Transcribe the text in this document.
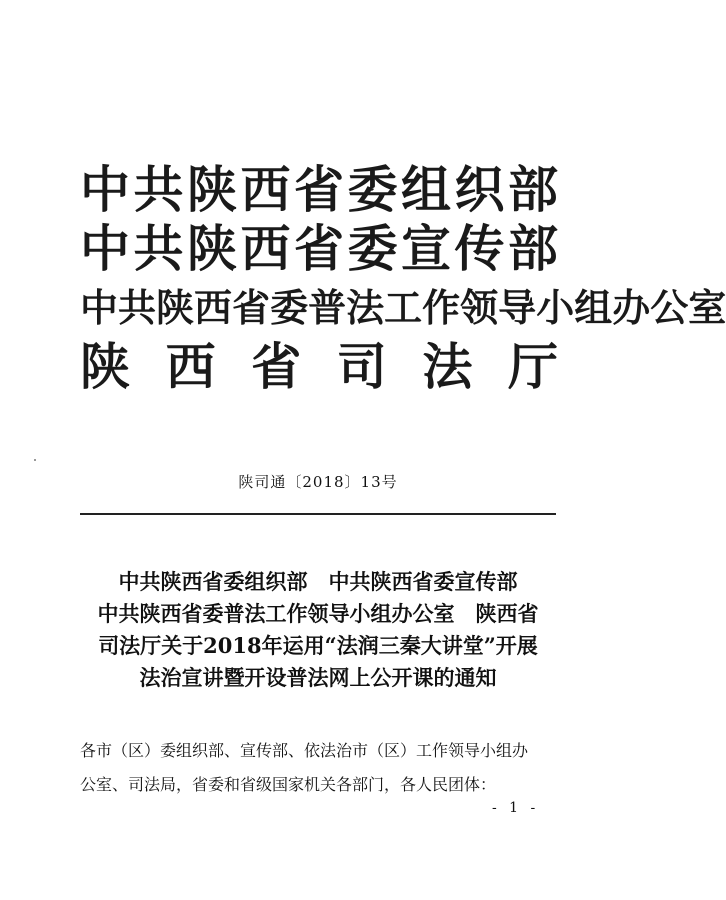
中 共 陕 西 省 委 组 织 部
中 共 陕 西 省 委 宣 传 部
中 共 陕 西 省 委 普 法 工 作 领 导 小 组 办 公 室
陕 西 省 司 法 厅
陕司通〔2018〕13号
中共陕西省委组织部　中共陕西省委宣传部
中共陕西省委普法工作领导小组办公室　陕西省
司法厅关于2018年运用“法润三秦大讲堂”开展
法治宣讲暨开设普法网上公开课的通知
各市（区）委组织部、宣传部、依法治市（区）工作领导小组办
公室、司法局，省委和省级国家机关各部门，各人民团体：
- 1 -
